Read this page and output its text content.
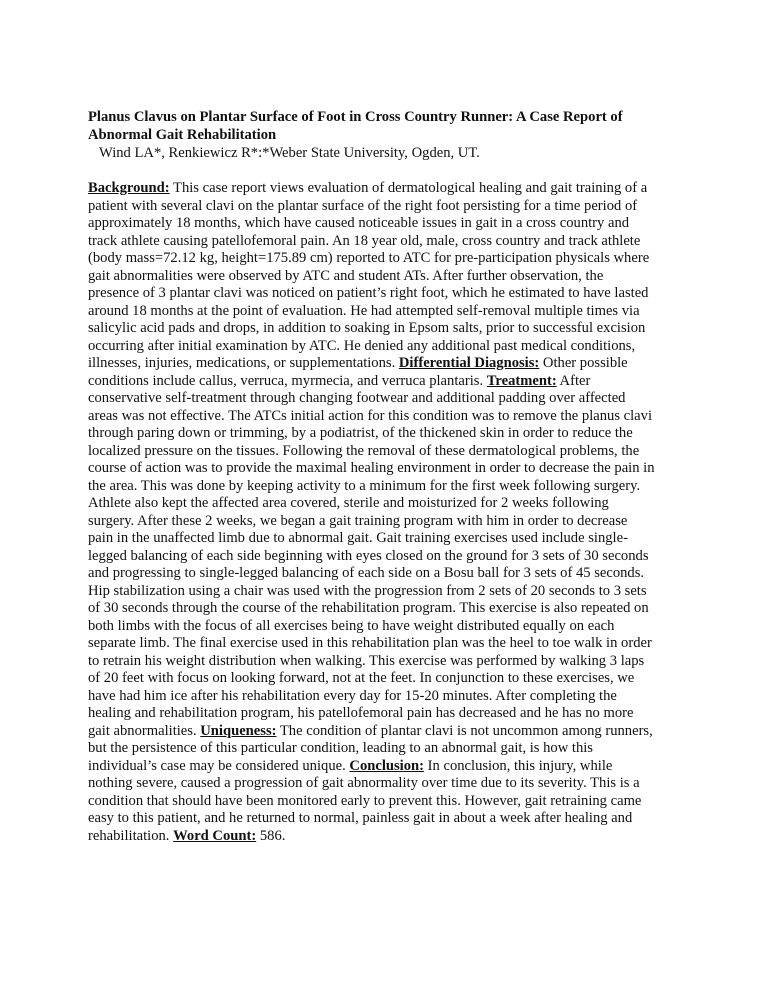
Planus Clavus on Plantar Surface of Foot in Cross Country Runner: A Case Report of
Abnormal Gait Rehabilitation
Wind LA*, Renkiewicz R*:*Weber State University, Ogden, UT.
Background: This case report views evaluation of dermatological healing and gait training of a
patient with several clavi on the plantar surface of the right foot persisting for a time period of
approximately 18 months, which have caused noticeable issues in gait in a cross country and
track athlete causing patellofemoral pain. An 18 year old, male, cross country and track athlete
(body mass=72.12 kg, height=175.89 cm) reported to ATC for pre-participation physicals where
gait abnormalities were observed by ATC and student ATs. After further observation, the
presence of 3 plantar clavi was noticed on patient’s right foot, which he estimated to have lasted
around 18 months at the point of evaluation. He had attempted self-removal multiple times via
salicylic acid pads and drops, in addition to soaking in Epsom salts, prior to successful excision
occurring after initial examination by ATC. He denied any additional past medical conditions,
illnesses, injuries, medications, or supplementations. Differential Diagnosis: Other possible
conditions include callus, verruca, myrmecia, and verruca plantaris. Treatment: After
conservative self-treatment through changing footwear and additional padding over affected
areas was not effective. The ATCs initial action for this condition was to remove the planus clavi
through paring down or trimming, by a podiatrist, of the thickened skin in order to reduce the
localized pressure on the tissues. Following the removal of these dermatological problems, the
course of action was to provide the maximal healing environment in order to decrease the pain in
the area. This was done by keeping activity to a minimum for the first week following surgery.
Athlete also kept the affected area covered, sterile and moisturized for 2 weeks following
surgery. After these 2 weeks, we began a gait training program with him in order to decrease
pain in the unaffected limb due to abnormal gait. Gait training exercises used include single-
legged balancing of each side beginning with eyes closed on the ground for 3 sets of 30 seconds
and progressing to single-legged balancing of each side on a Bosu ball for 3 sets of 45 seconds.
Hip stabilization using a chair was used with the progression from 2 sets of 20 seconds to 3 sets
of 30 seconds through the course of the rehabilitation program. This exercise is also repeated on
both limbs with the focus of all exercises being to have weight distributed equally on each
separate limb. The final exercise used in this rehabilitation plan was the heel to toe walk in order
to retrain his weight distribution when walking. This exercise was performed by walking 3 laps
of 20 feet with focus on looking forward, not at the feet. In conjunction to these exercises, we
have had him ice after his rehabilitation every day for 15-20 minutes. After completing the
healing and rehabilitation program, his patellofemoral pain has decreased and he has no more
gait abnormalities. Uniqueness: The condition of plantar clavi is not uncommon among runners,
but the persistence of this particular condition, leading to an abnormal gait, is how this
individual’s case may be considered unique. Conclusion: In conclusion, this injury, while
nothing severe, caused a progression of gait abnormality over time due to its severity. This is a
condition that should have been monitored early to prevent this. However, gait retraining came
easy to this patient, and he returned to normal, painless gait in about a week after healing and
rehabilitation. Word Count: 586.
